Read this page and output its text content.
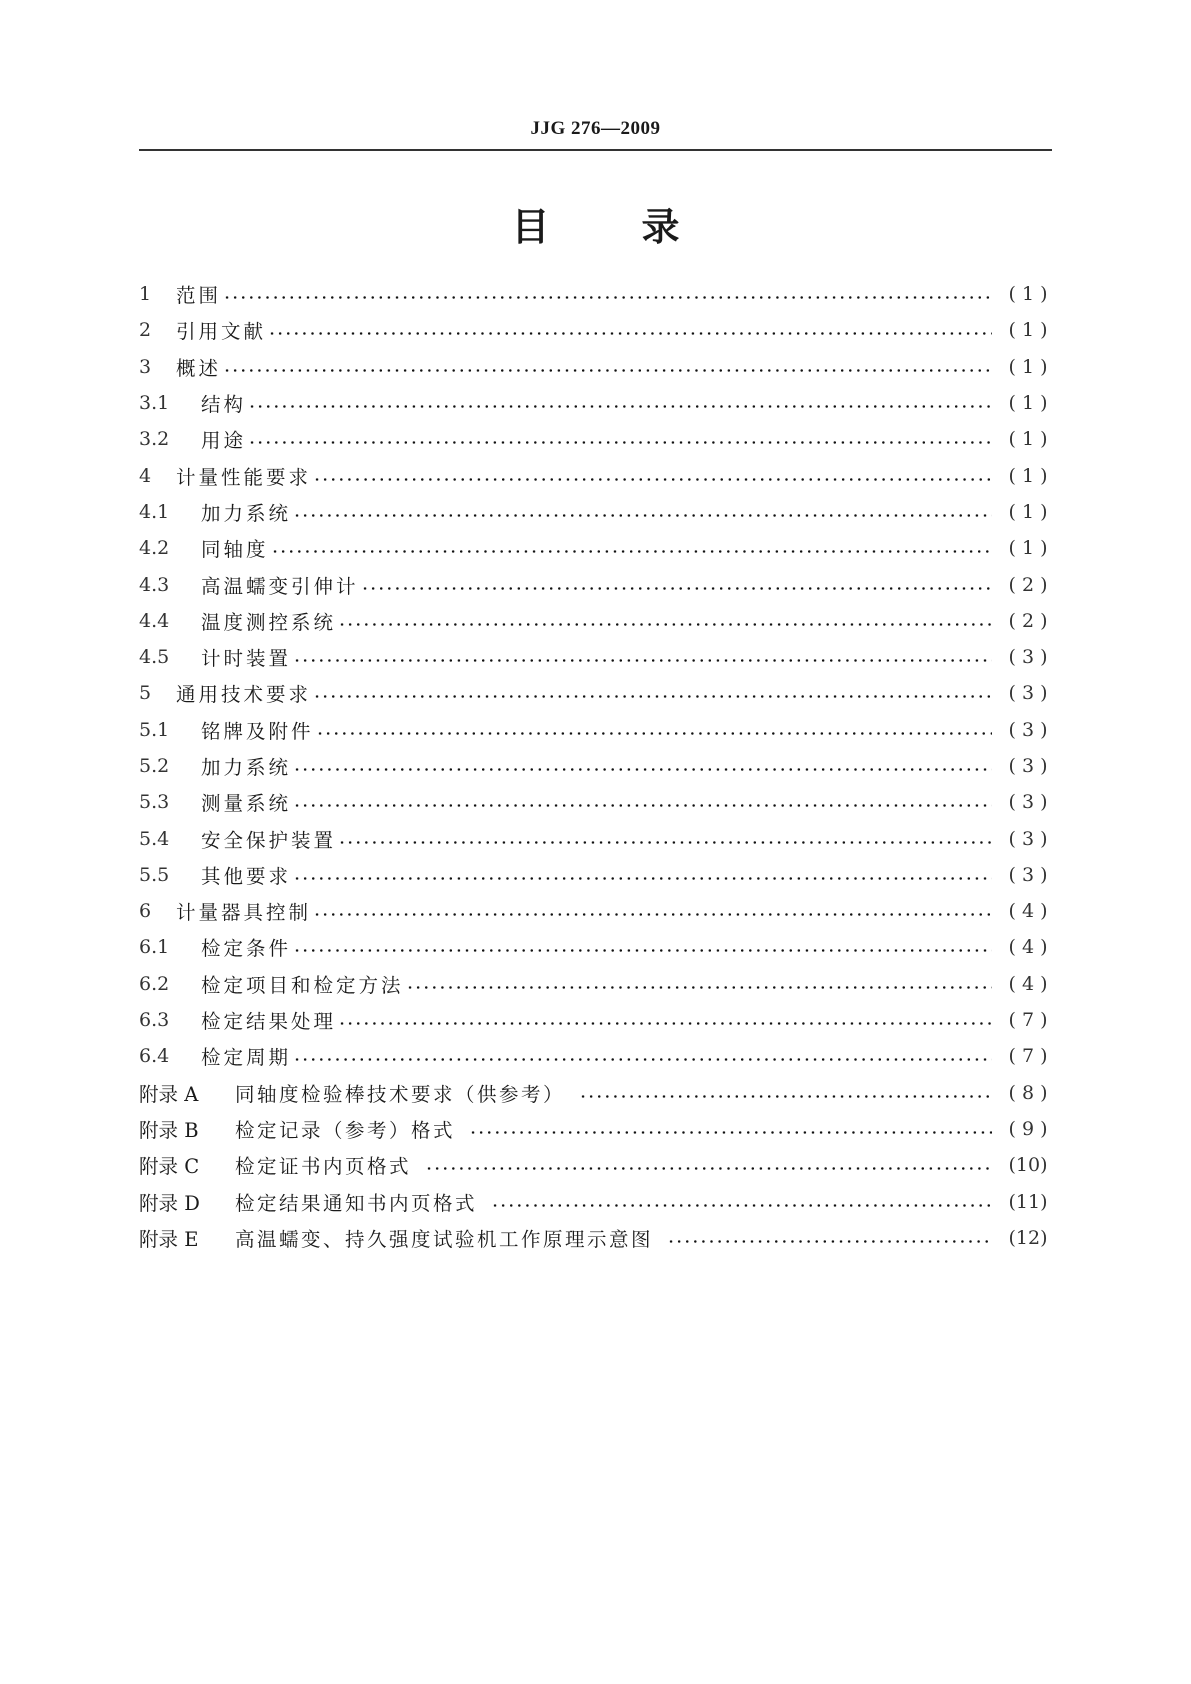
JJG 276—2009
目 录
1	范围	( 1 )
2	引用文献	( 1 )
3	概述	( 1 )
3.1	结构	( 1 )
3.2	用途	( 1 )
4	计量性能要求	( 1 )
4.1	加力系统	( 1 )
4.2	同轴度	( 1 )
4.3	高温蠕变引伸计	( 2 )
4.4	温度测控系统	( 2 )
4.5	计时装置	( 3 )
5	通用技术要求	( 3 )
5.1	铭牌及附件	( 3 )
5.2	加力系统	( 3 )
5.3	测量系统	( 3 )
5.4	安全保护装置	( 3 )
5.5	其他要求	( 3 )
6	计量器具控制	( 4 )
6.1	检定条件	( 4 )
6.2	检定项目和检定方法	( 4 )
6.3	检定结果处理	( 7 )
6.4	检定周期	( 7 )
附录 A	同轴度检验棒技术要求（供参考）	( 8 )
附录 B	检定记录（参考）格式	( 9 )
附录 C	检定证书内页格式	(10)
附录 D	检定结果通知书内页格式	(11)
附录 E	高温蠕变、持久强度试验机工作原理示意图	(12)
